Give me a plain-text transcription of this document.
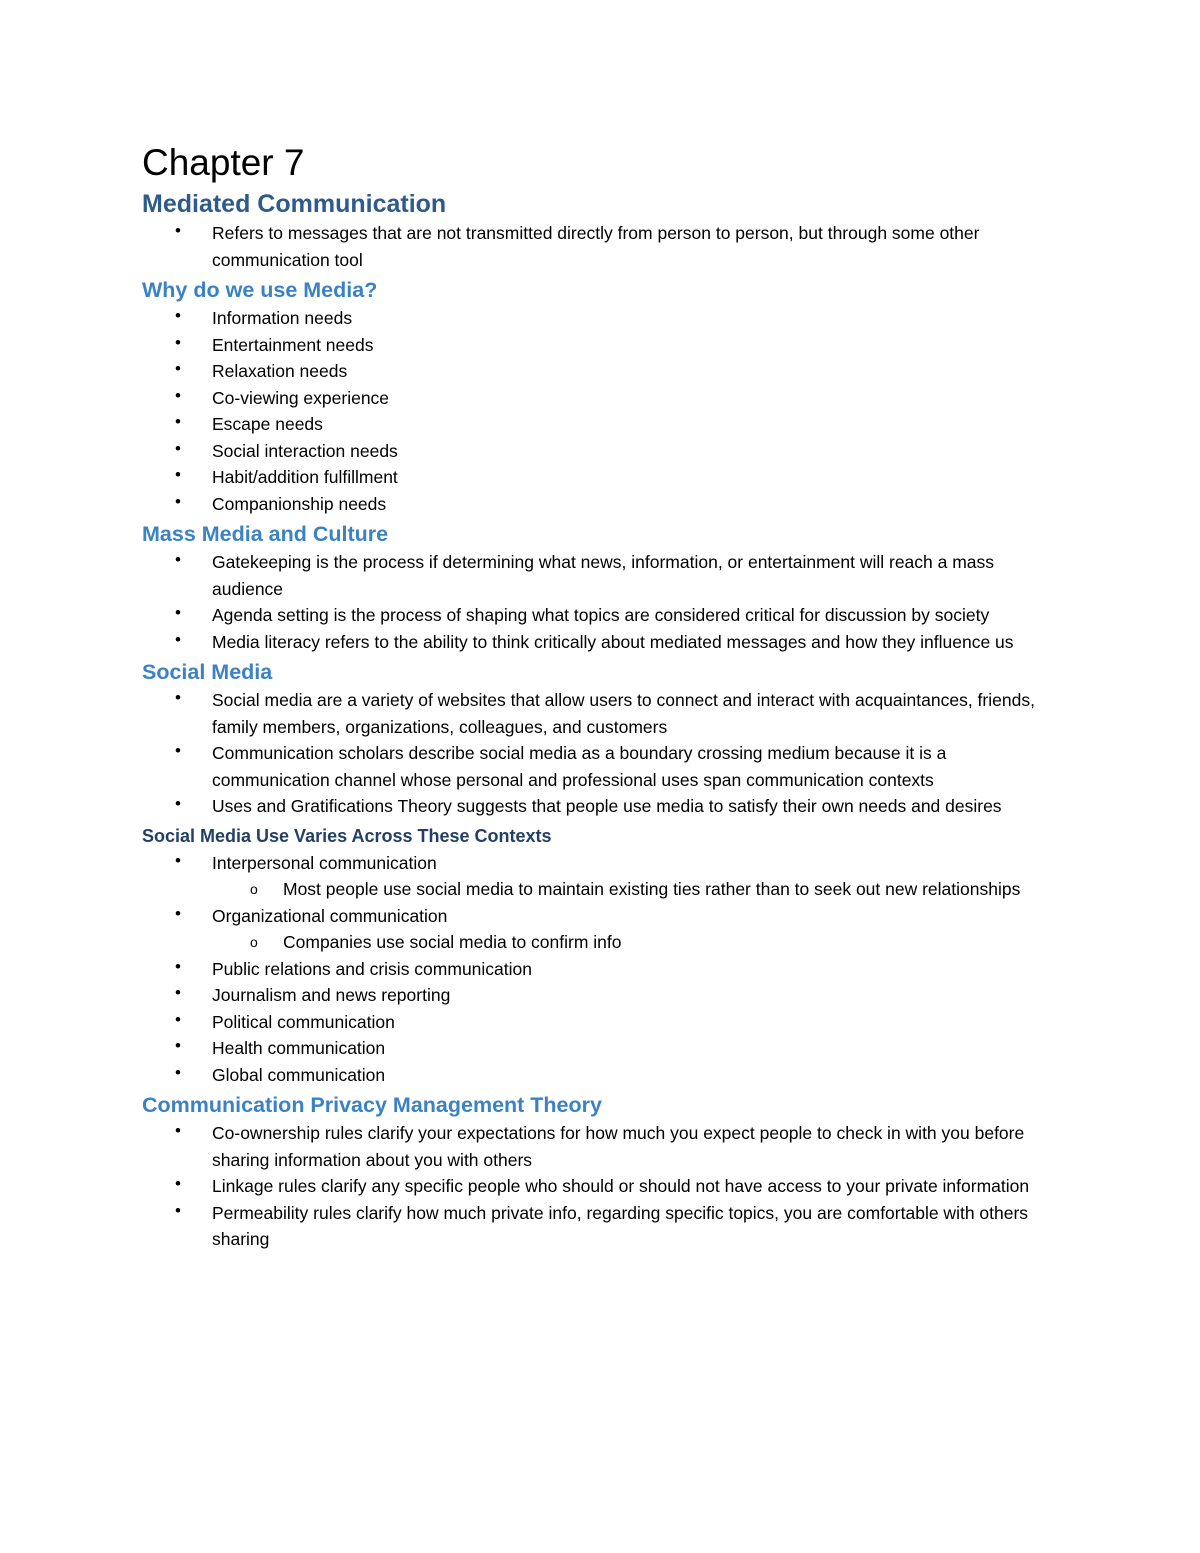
Chapter 7
Mediated Communication
• Refers to messages that are not transmitted directly from person to person, but through some other communication tool
Why do we use Media?
• Information needs
• Entertainment needs
• Relaxation needs
• Co-viewing experience
• Escape needs
• Social interaction needs
• Habit/addition fulfillment
• Companionship needs
Mass Media and Culture
• Gatekeeping is the process if determining what news, information, or entertainment will reach a mass audience
• Agenda setting is the process of shaping what topics are considered critical for discussion by society
• Media literacy refers to the ability to think critically about mediated messages and how they influence us
Social Media
• Social media are a variety of websites that allow users to connect and interact with acquaintances, friends, family members, organizations, colleagues, and customers
• Communication scholars describe social media as a boundary crossing medium because it is a communication channel whose personal and professional uses span communication contexts
• Uses and Gratifications Theory suggests that people use media to satisfy their own needs and desires
Social Media Use Varies Across These Contexts
• Interpersonal communication
o Most people use social media to maintain existing ties rather than to seek out new relationships
• Organizational communication
o Companies use social media to confirm info
• Public relations and crisis communication
• Journalism and news reporting
• Political communication
• Health communication
• Global communication
Communication Privacy Management Theory
• Co-ownership rules clarify your expectations for how much you expect people to check in with you before sharing information about you with others
• Linkage rules clarify any specific people who should or should not have access to your private information
• Permeability rules clarify how much private info, regarding specific topics, you are comfortable with others sharing
